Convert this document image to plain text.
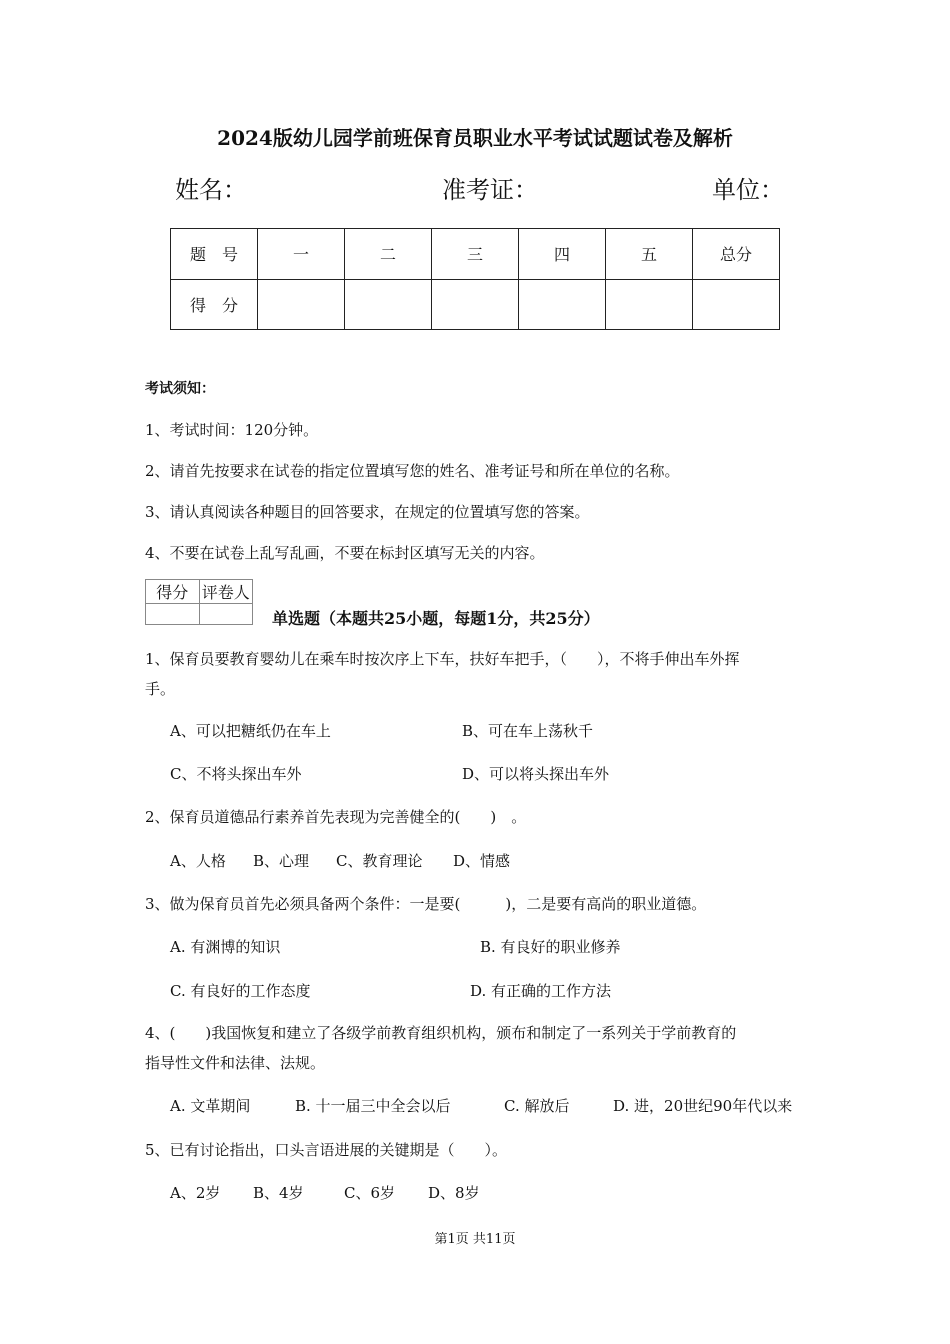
2024版幼儿园学前班保育员职业水平考试试题试卷及解析
姓名：	准考证：	单位：
题　号	一	二	三	四	五	总分
得　分						
考试须知：
1、考试时间：120分钟。
2、请首先按要求在试卷的指定位置填写您的姓名、准考证号和所在单位的名称。
3、请认真阅读各种题目的回答要求，在规定的位置填写您的答案。
4、不要在试卷上乱写乱画，不要在标封区填写无关的内容。
得分	评卷人

单选题（本题共25小题，每题1分，共25分）
1、保育员要教育婴幼儿在乘车时按次序上下车，扶好车把手，（　　），不将手伸出车外挥
手。
A、可以把糖纸仍在车上	B、可在车上荡秋千
C、不将头探出车外	D、可以将头探出车外
2、保育员道德品行素养首先表现为完善健全的(　　)　。
A、人格 B、心理 C、教育理论 D、情感
3、做为保育员首先必须具备两个条件：一是要(　　　)，二是要有高尚的职业道德。
A. 有渊博的知识	B. 有良好的职业修养
C. 有良好的工作态度	D. 有正确的工作方法
4、(　　)我国恢复和建立了各级学前教育组织机构，颁布和制定了一系列关于学前教育的
指导性文件和法律、法规。
A. 文革期间	B. 十一届三中全会以后	C. 解放后	D. 进，20世纪90年代以来
5、已有讨论指出，口头言语进展的关键期是（　　）。
A、2岁 B、4岁	C、6岁 D、8岁
第1页 共11页
